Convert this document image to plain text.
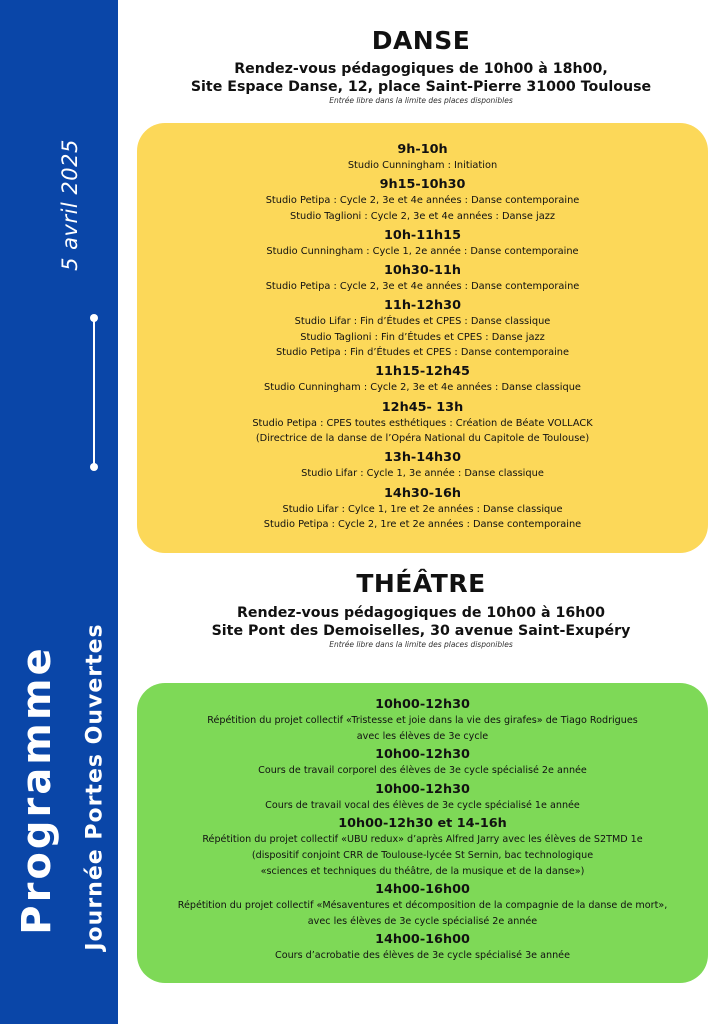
5 avril 2025
Programme Journée Portes Ouvertes
DANSE
Rendez-vous pédagogiques de 10h00 à 18h00,
Site Espace Danse, 12, place Saint-Pierre 31000 Toulouse
Entrée libre dans la limite des places disponibles
9h-10h
Studio Cunningham : Initiation
9h15-10h30
Studio Petipa : Cycle 2, 3e et 4e années : Danse contemporaine
Studio Taglioni : Cycle 2, 3e et 4e années : Danse jazz
10h-11h15
Studio Cunningham : Cycle 1, 2e année : Danse contemporaine
10h30-11h
Studio Petipa : Cycle 2, 3e et 4e années : Danse contemporaine
11h-12h30
Studio Lifar : Fin d’Études et CPES : Danse classique
Studio Taglioni : Fin d’Études et CPES : Danse jazz
Studio Petipa : Fin d’Études et CPES : Danse contemporaine
11h15-12h45
Studio Cunningham : Cycle 2, 3e et 4e années : Danse classique
12h45- 13h
Studio Petipa : CPES toutes esthétiques : Création de Béate VOLLACK
(Directrice de la danse de l’Opéra National du Capitole de Toulouse)
13h-14h30
Studio Lifar : Cycle 1, 3e année : Danse classique
14h30-16h
Studio Lifar : Cylce 1, 1re et 2e années : Danse classique
Studio Petipa : Cycle 2, 1re et 2e années : Danse contemporaine
THÉÂTRE
Rendez-vous pédagogiques de 10h00 à 16h00
Site Pont des Demoiselles, 30 avenue Saint-Exupéry
Entrée libre dans la limite des places disponibles
10h00-12h30
Répétition du projet collectif «Tristesse et joie dans la vie des girafes» de Tiago Rodrigues
avec les élèves de 3e cycle
10h00-12h30
Cours de travail corporel des élèves de 3e cycle spécialisé 2e année
10h00-12h30
Cours de travail vocal des élèves de 3e cycle spécialisé 1e année
10h00-12h30 et 14-16h
Répétition du projet collectif «UBU redux» d’après Alfred Jarry avec les élèves de S2TMD 1e
(dispositif conjoint CRR de Toulouse-lycée St Sernin, bac technologique
«sciences et techniques du théâtre, de la musique et de la danse»)
14h00-16h00
Répétition du projet collectif «Mésaventures et décomposition de la compagnie de la danse de mort»,
avec les élèves de 3e cycle spécialisé 2e année
14h00-16h00
Cours d’acrobatie des élèves de 3e cycle spécialisé 3e année
